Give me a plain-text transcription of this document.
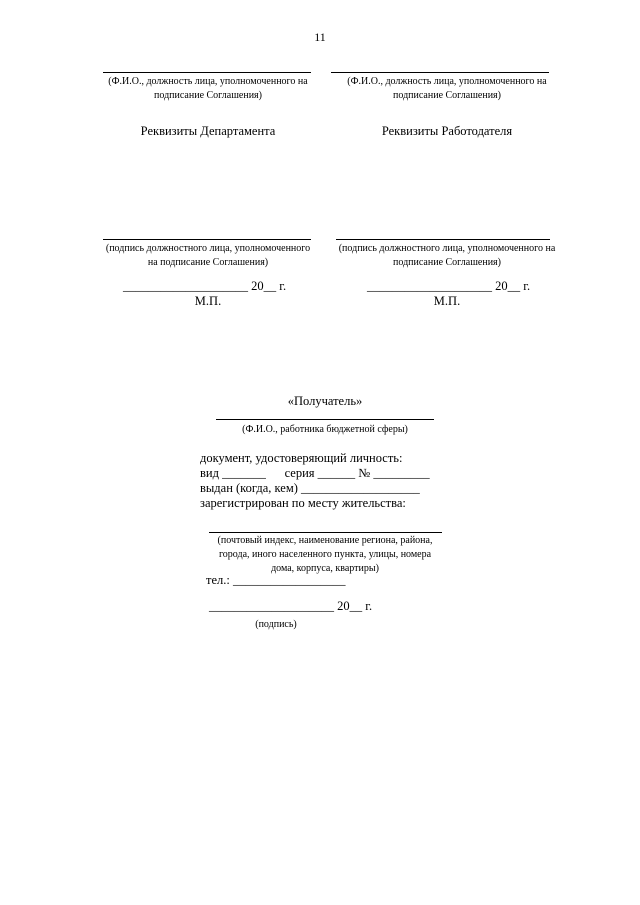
11
(Ф.И.О., должность лица, уполномоченного на
подписание Соглашения)
Реквизиты Департамента
(подпись должностного лица, уполномоченного
на подписание Соглашения)
____________________ 20__ г.
М.П.
(Ф.И.О., должность лица, уполномоченного на
подписание Соглашения)
Реквизиты Работодателя
(подпись должностного лица, уполномоченного на
подписание Соглашения)
____________________ 20__ г.
М.П.
«Получатель»
(Ф.И.О., работника бюджетной сферы)
документ, удостоверяющий личность:
вид _______      серия ______ № _________
выдан (когда, кем) ___________________
зарегистрирован по месту жительства:
(почтовый индекс, наименование региона, района,
города, иного населенного пункта, улицы, номера
дома, корпуса, квартиры)
тел.: __________________
____________________ 20__ г.
(подпись)
